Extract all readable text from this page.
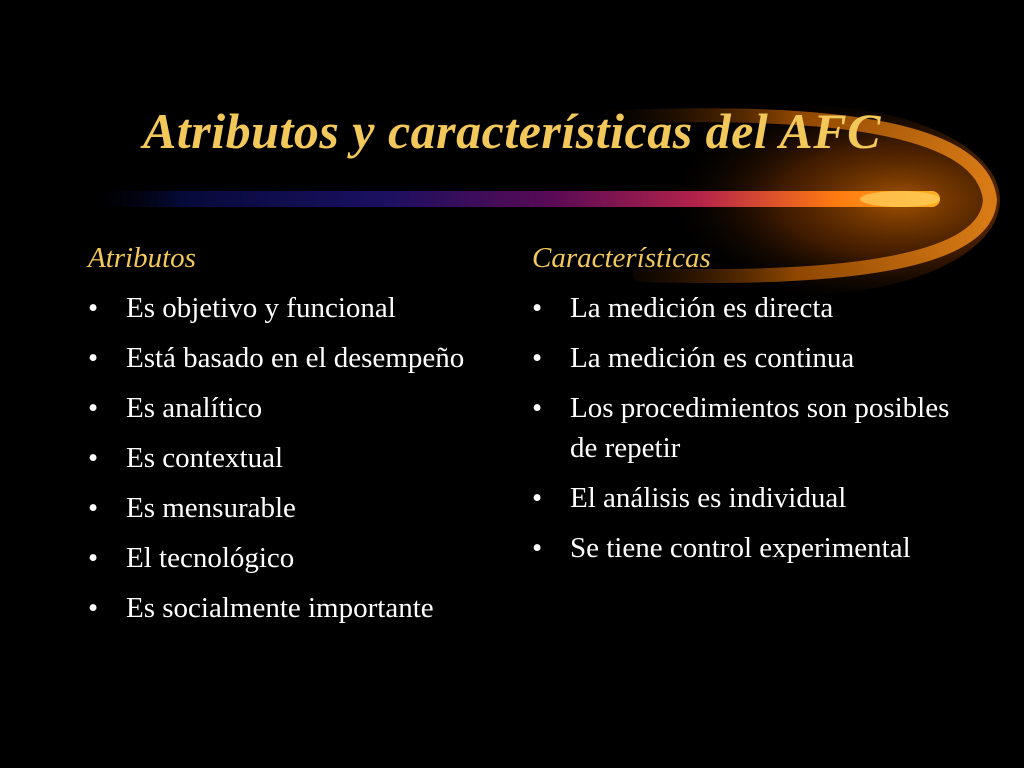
Atributos y características del AFC
Atributos
• Es objetivo y funcional
• Está basado en el desempeño
• Es analítico
• Es contextual
• Es mensurable
• El tecnológico
• Es socialmente importante
Características
• La medición es directa
• La medición es continua
• Los procedimientos son posibles de repetir
• El análisis es individual
• Se tiene control experimental
